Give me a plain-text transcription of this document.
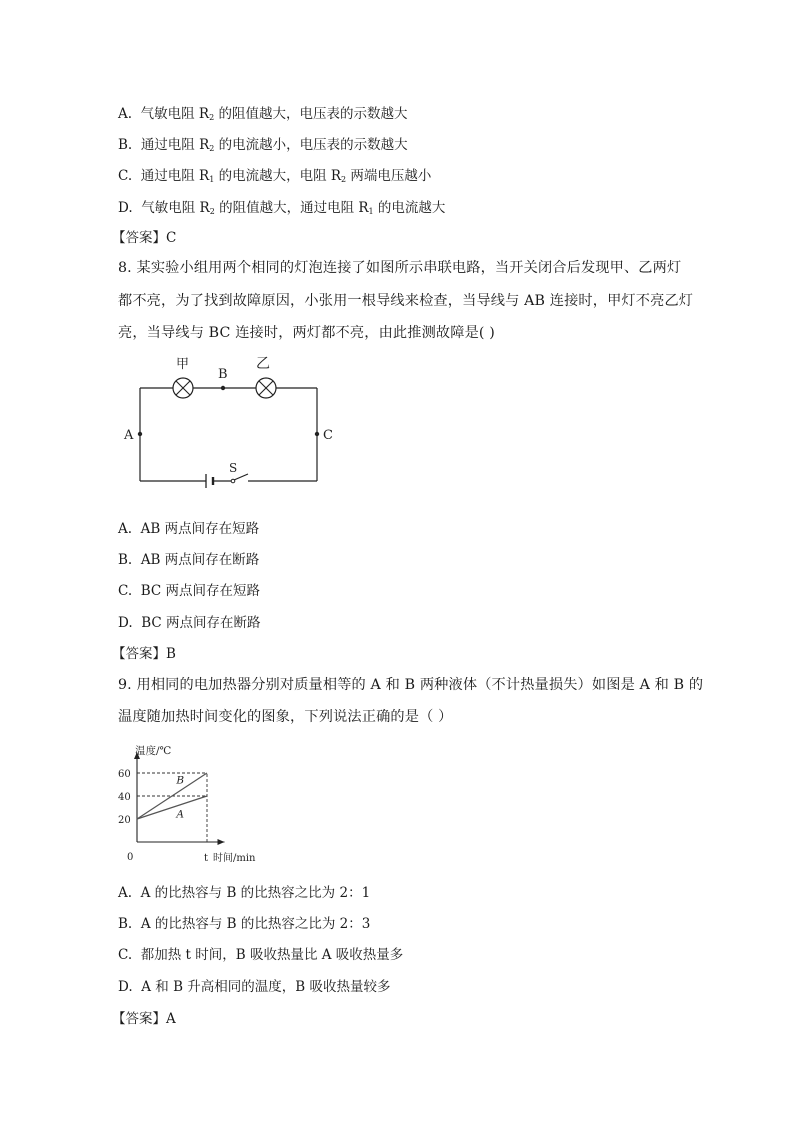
A. 气敏电阻 $R_2$ 的阻值越大，电压表的示数越大
B. 通过电阻 $R_2$ 的电流越小，电压表的示数越大
C. 通过电阻 $R_1$ 的电流越大，电阻 $R_2$ 两端电压越小
D. 气敏电阻 $R_2$ 的阻值越大，通过电阻 $R_1$ 的电流越大
【答案】C
8. 某实验小组用两个相同的灯泡连接了如图所示串联电路，当开关闭合后发现甲、乙两灯
都不亮，为了找到故障原因，小张用一根导线来检查，当导线与 AB 连接时，甲灯不亮乙灯
亮，当导线与 BC 连接时，两灯都不亮，由此推测故障是( )
甲	乙
B
A	C
S
A. AB 两点间存在短路
B. AB 两点间存在断路
C. BC 两点间存在短路
D. BC 两点间存在断路
【答案】B
9. 用相同的电加热器分别对质量相等的 A 和 B 两种液体（不计热量损失）如图是 A 和 B 的
温度随加热时间变化的图象，下列说法正确的是（ ）
20
40
60
0	t
温度/℃
时间/min
B
A
A. A 的比热容与 B 的比热容之比为 2：1
B. A 的比热容与 B 的比热容之比为 2：3
C. 都加热 t 时间，B 吸收热量比 A 吸收热量多
D. A 和 B 升高相同的温度，B 吸收热量较多
【答案】A
